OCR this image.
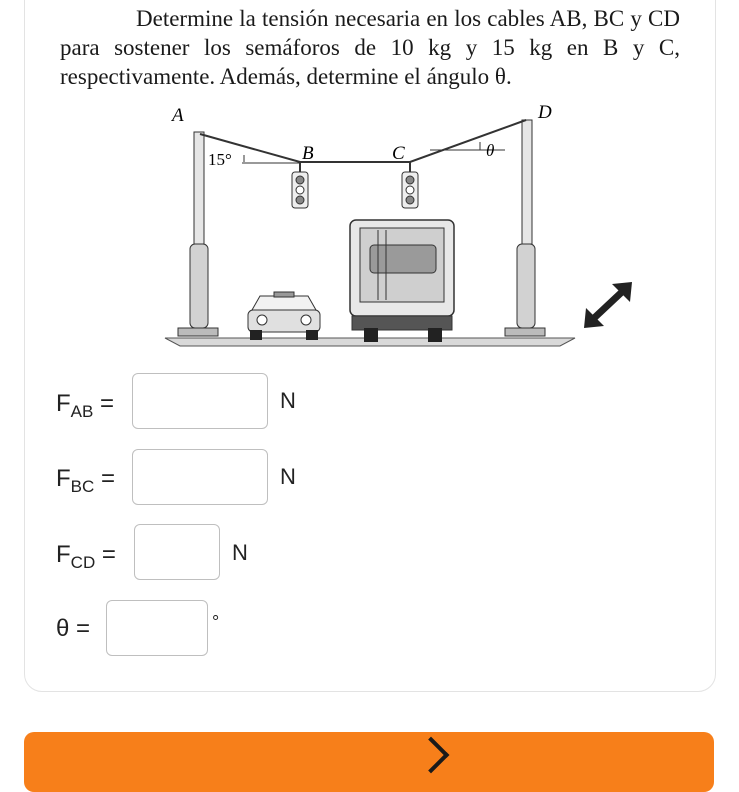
Determine la tensión necesaria en los cables AB, BC y CD para sostener los semáforos de 10 kg y 15 kg en B y C, respectivamente. Además, determine el ángulo θ.
A
B	C
D
15°	θ
$F_{AB}$ =	N
$F_{BC}$ =	N
$F_{CD}$ =	N
θ =	°
